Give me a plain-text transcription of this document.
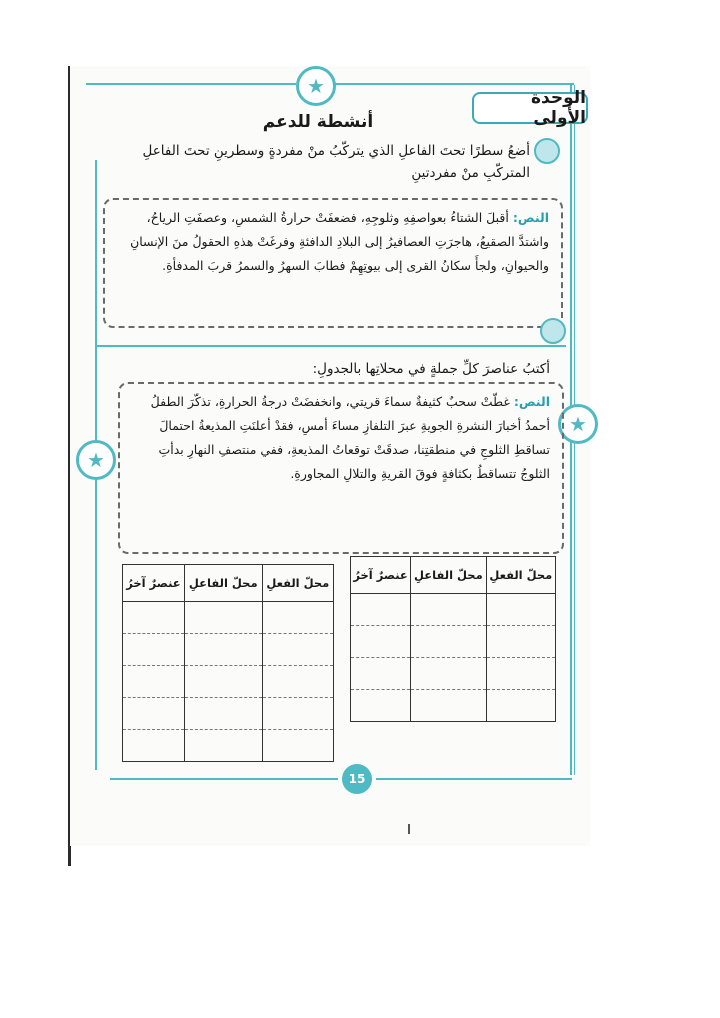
★
★
★
الوحدة الأولى
أنشطة للدعم
أضعُ سطرًا تحتَ الفاعلِ الذي يتركّبُ منْ مفردةٍ وسطرينِ تحتَ الفاعلِ المتركّبِ منْ مفردتينِ

النص: أقبلَ الشتاءُ بعواصفِهِ وثلوجِهِ، فضعفَتْ حرارةُ الشمسِ، وعصفَتِ الرياحُ، واشتدَّ الصقيعُ، هاجرَتِ العصافيرُ إلى البلادِ الدافئةِ وفرغَتْ هذهِ الحقولُ منَ الإنسانِ والحيوانِ، ولجأَ سكانُ القرى إلى بيوتِهِمْ فطابَ السهرُ والسمرُ قربَ المدفأةِ.

أكتبُ عناصرَ كلِّ جملةٍ في محلاتِها بالجدولِ:

النص: غطّتْ سحبٌ كثيفةٌ سماءَ قريتي، وانخفضَتْ درجةُ الحرارةِ، تذكّرَ الطفلُ أحمدُ أخبارَ النشرةِ الجويةِ عبرَ التلفازِ مساءَ أمسِ، فقدْ أعلنَتِ المذيعةُ احتمالَ تساقطِ الثلوجِ في منطقتِنا، صدقَتْ توقعاتُ المذيعةِ، ففي منتصفِ النهارِ بدأتِ الثلوجُ تتساقطُ بكثافةٍ فوقَ القريةِ والتلالِ المجاورةِ.

محلّ الفعلِ	محلّ الفاعلِ	عنصرٌ آخرُ

محلّ الفعلِ	محلّ الفاعلِ	عنصرٌ آخرُ

15
